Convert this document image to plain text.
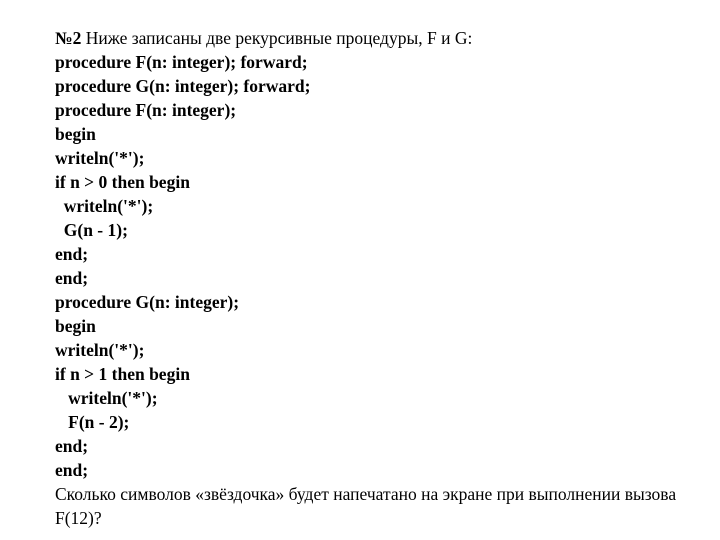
№2 Ниже записаны две рекурсивные процедуры, F и G:
procedure F(n: integer); forward;
procedure G(n: integer); forward;
procedure F(n: integer);
begin
writeln('*');
if n > 0 then begin
writeln('*');
G(n - 1);
end;
end;
procedure G(n: integer);
begin
writeln('*');
if n > 1 then begin
writeln('*');
F(n - 2);
end;
end;
Сколько символов «звёздочка» будет напечатано на экране при выполнении вызова F(12)?
